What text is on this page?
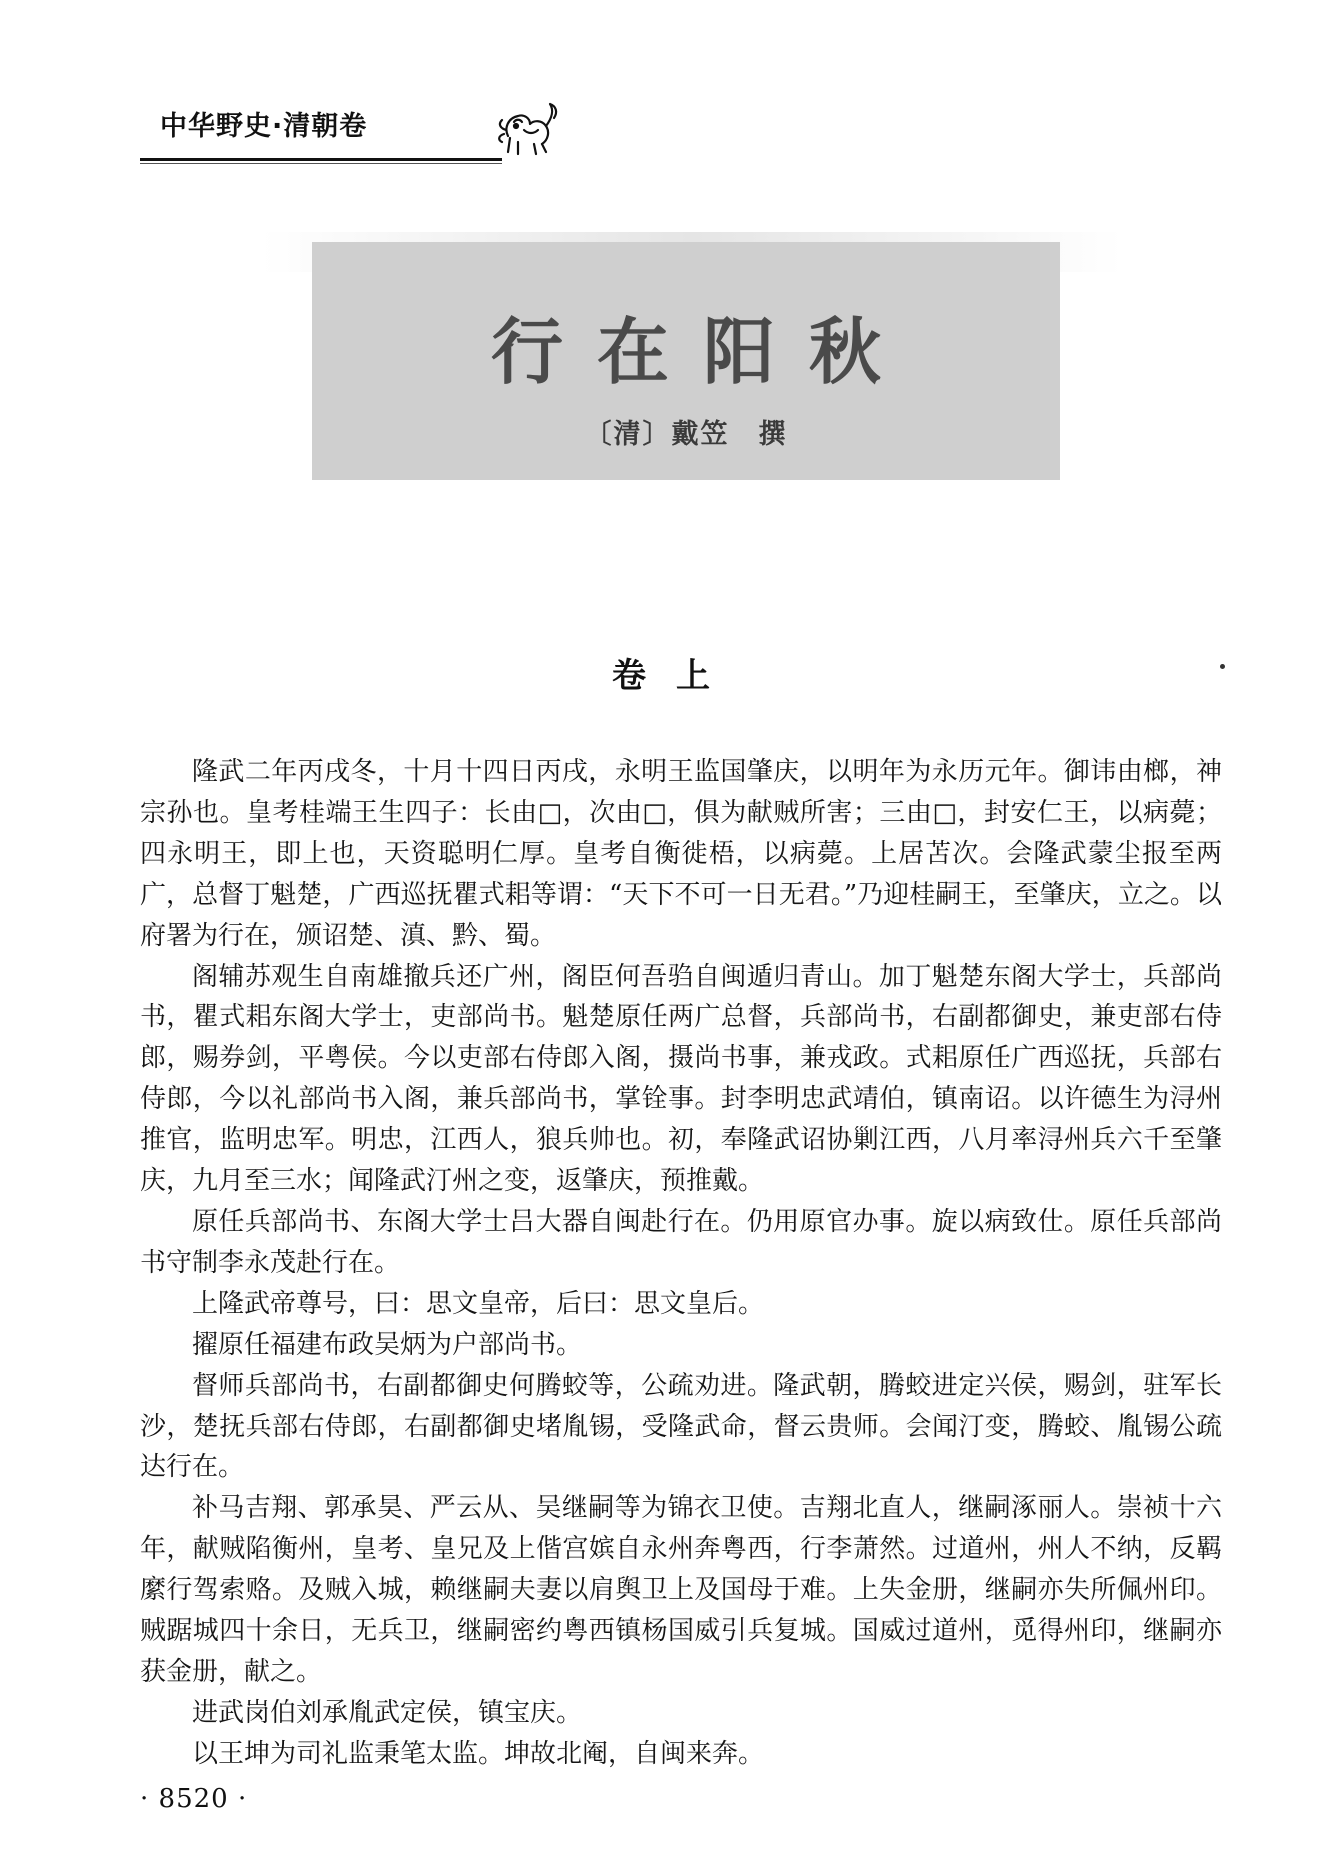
中华野史·清朝卷
行在阳秋
〔清〕戴笠　撰
卷上

隆武二年丙戌冬，十月十四日丙戌，永明王监国肇庆，以明年为永历元年。御讳由榔，神宗孙也。皇考桂端王生四子：长由□，次由□，俱为献贼所害；三由□，封安仁王，以病薨；四永明王，即上也，天资聪明仁厚。皇考自衡徙梧，以病薨。上居苫次。会隆武蒙尘报至两广，总督丁魁楚，广西巡抚瞿式耜等谓：“天下不可一日无君。”乃迎桂嗣王，至肇庆，立之。以府署为行在，颁诏楚、滇、黔、蜀。

阁辅苏观生自南雄撤兵还广州，阁臣何吾驺自闽遁归青山。加丁魁楚东阁大学士，兵部尚书，瞿式耜东阁大学士，吏部尚书。魁楚原任两广总督，兵部尚书，右副都御史，兼吏部右侍郎，赐券剑，平粤侯。今以吏部右侍郎入阁，摄尚书事，兼戎政。式耜原任广西巡抚，兵部右侍郎，今以礼部尚书入阁，兼兵部尚书，掌铨事。封李明忠武靖伯，镇南诏。以许德生为浔州推官，监明忠军。明忠，江西人，狼兵帅也。初，奉隆武诏协剿江西，八月率浔州兵六千至肇庆，九月至三水；闻隆武汀州之变，返肇庆，预推戴。

原任兵部尚书、东阁大学士吕大器自闽赴行在。仍用原官办事。旋以病致仕。原任兵部尚书守制李永茂赴行在。

上隆武帝尊号，曰：思文皇帝，后曰：思文皇后。

擢原任福建布政吴炳为户部尚书。

督师兵部尚书，右副都御史何腾蛟等，公疏劝进。隆武朝，腾蛟进定兴侯，赐剑，驻军长沙，楚抚兵部右侍郎，右副都御史堵胤锡，受隆武命，督云贵师。会闻汀变，腾蛟、胤锡公疏达行在。

补马吉翔、郭承昊、严云从、吴继嗣等为锦衣卫使。吉翔北直人，继嗣涿丽人。崇祯十六年，献贼陷衡州，皇考、皇兄及上偕宫嫔自永州奔粤西，行李萧然。过道州，州人不纳，反羁縻行驾索赂。及贼入城，赖继嗣夫妻以肩舆卫上及国母于难。上失金册，继嗣亦失所佩州印。贼踞城四十余日，无兵卫，继嗣密约粤西镇杨国威引兵复城。国威过道州，觅得州印，继嗣亦获金册，献之。

进武岗伯刘承胤武定侯，镇宝庆。

以王坤为司礼监秉笔太监。坤故北阉，自闽来奔。

· 8520 ·
